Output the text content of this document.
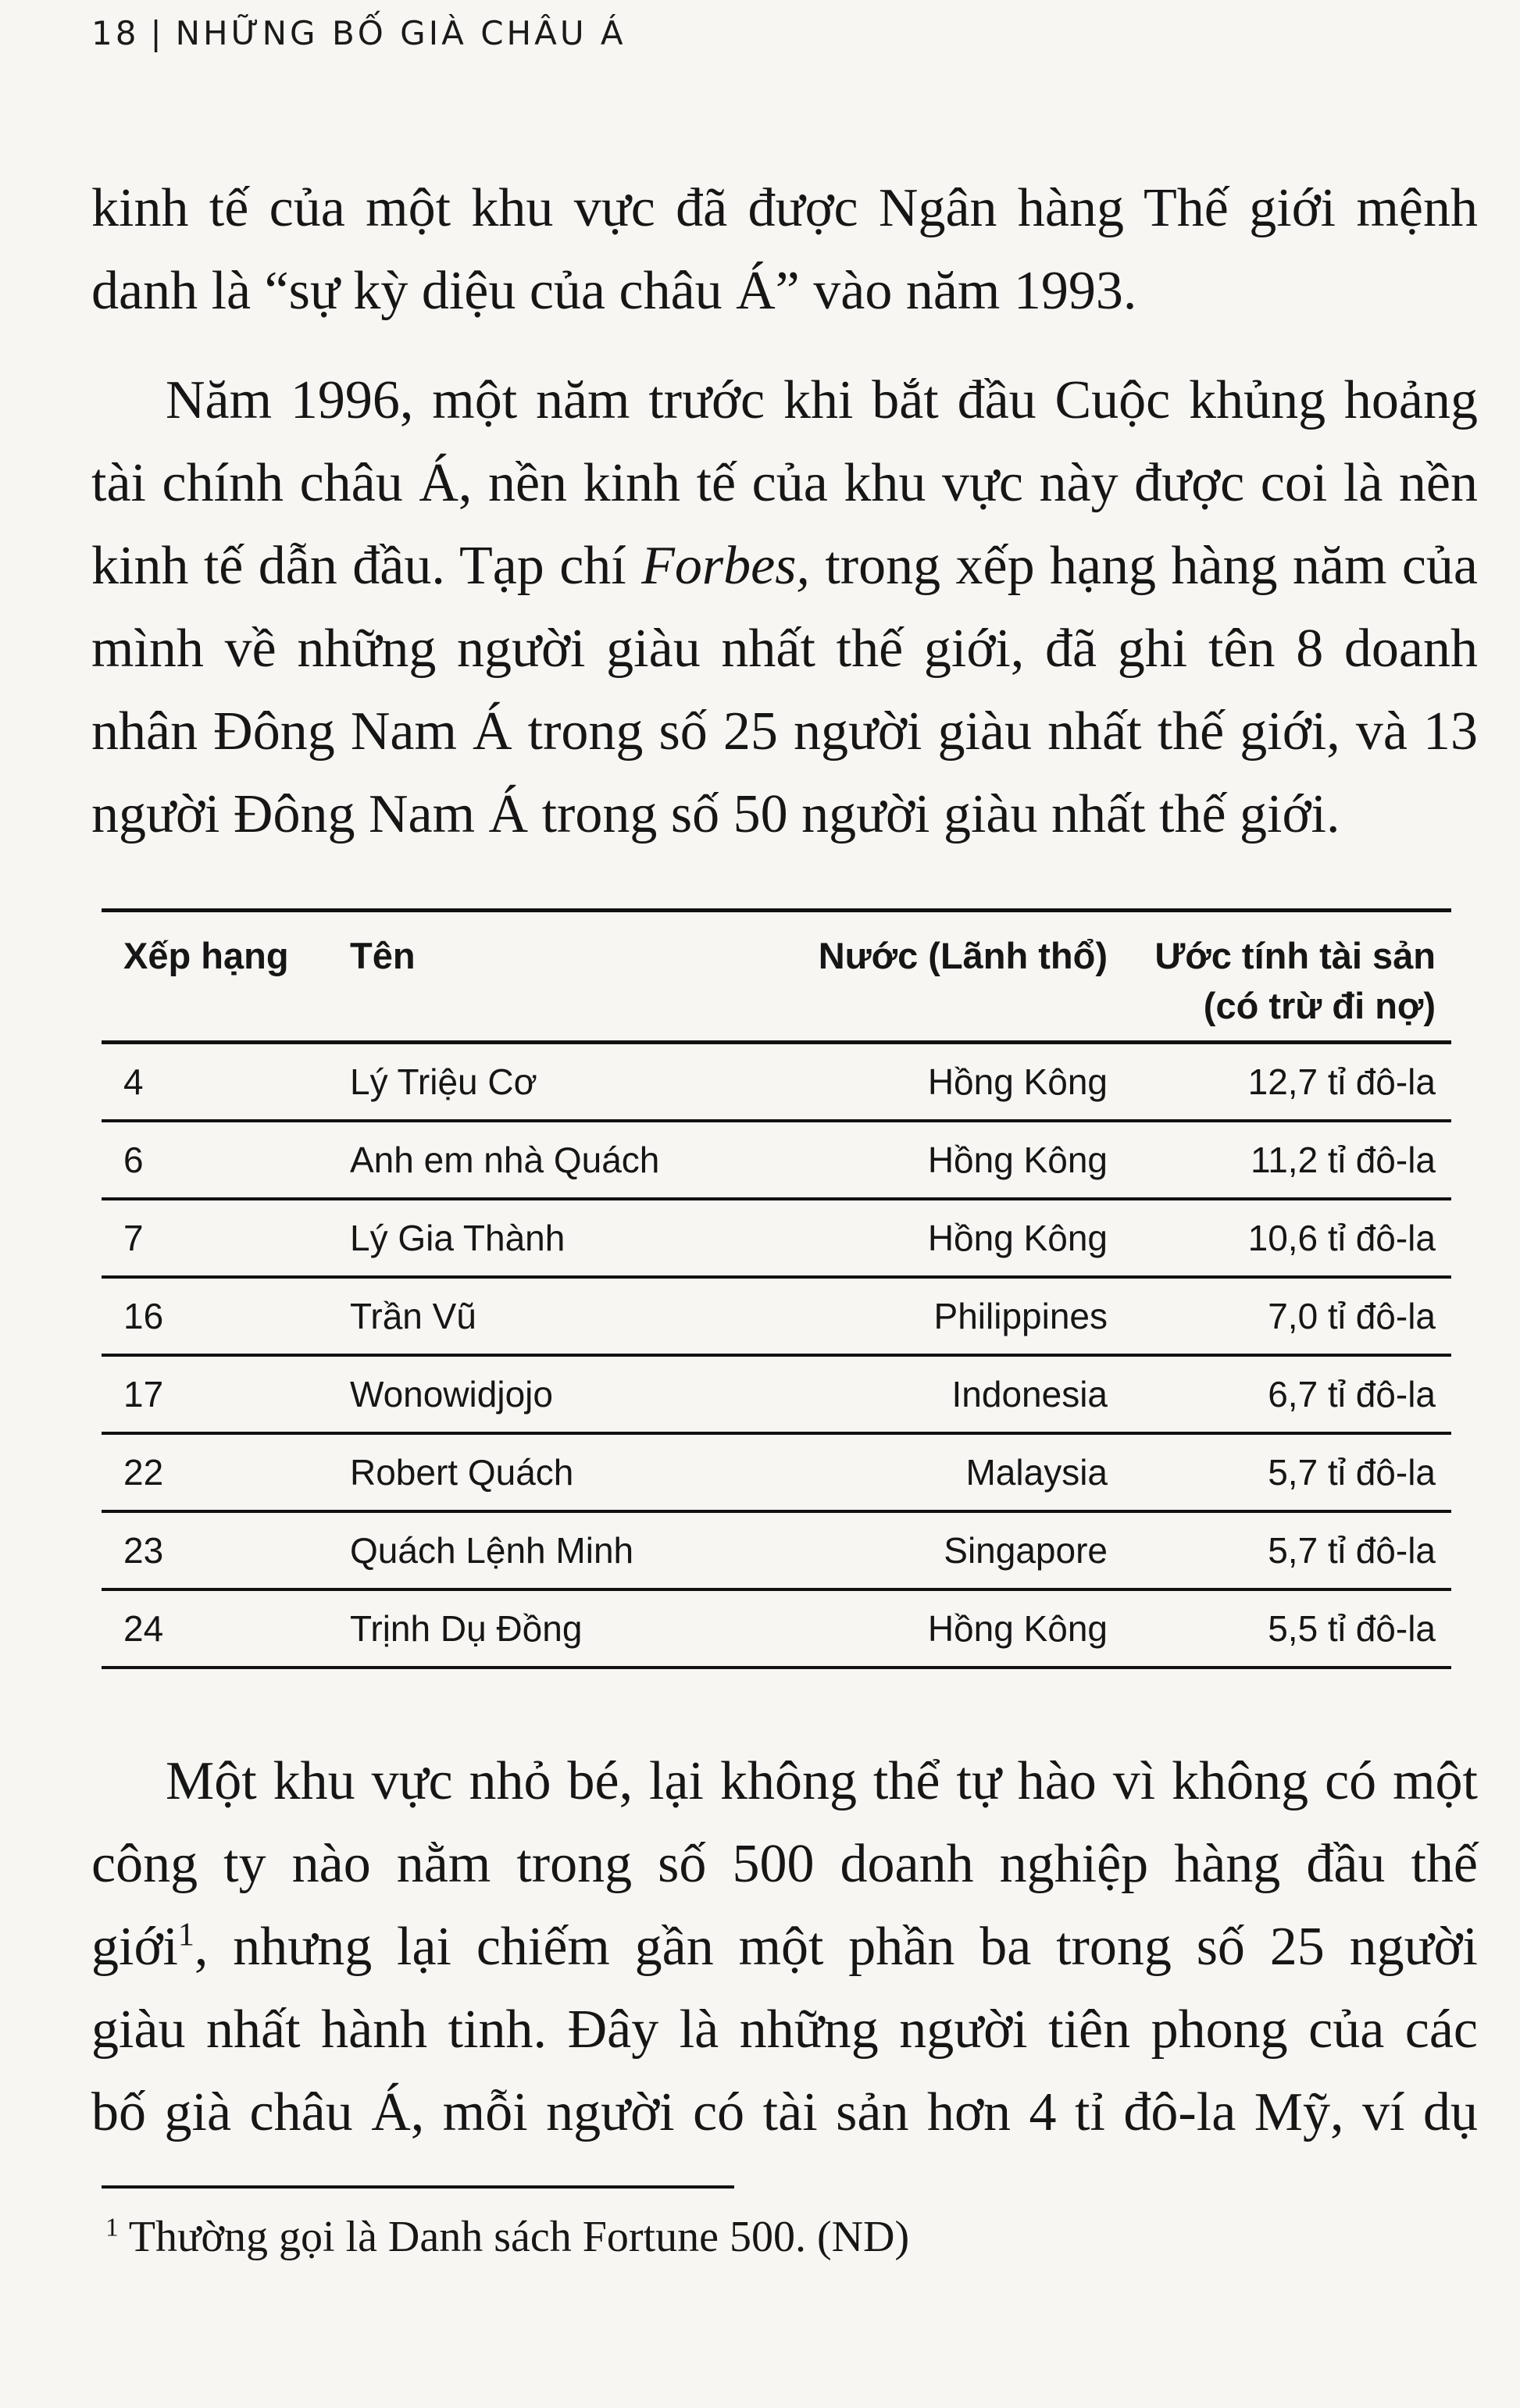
18 | NHỮNG BỐ GIÀ CHÂU Á
kinh tế của một khu vực đã được Ngân hàng Thế giới mệnh
danh là “sự kỳ diệu của châu Á” vào năm 1993.
Năm 1996, một năm trước khi bắt đầu Cuộc khủng hoảng
tài chính châu Á, nền kinh tế của khu vực này được coi là nền
kinh tế dẫn đầu. Tạp chí Forbes, trong xếp hạng hàng năm của
mình về những người giàu nhất thế giới, đã ghi tên 8 doanh
nhân Đông Nam Á trong số 25 người giàu nhất thế giới, và 13
người Đông Nam Á trong số 50 người giàu nhất thế giới.
Xếp hạng	Tên	Nước (Lãnh thổ)	Ước tính tài sản
(có trừ đi nợ)

4	Lý Triệu Cơ	Hồng Kông	12,7 tỉ đô-la
6	Anh em nhà Quách	Hồng Kông	11,2 tỉ đô-la
7	Lý Gia Thành	Hồng Kông	10,6 tỉ đô-la
16	Trần Vũ	Philippines	7,0 tỉ đô-la
17	Wonowidjojo	Indonesia	6,7 tỉ đô-la
22	Robert Quách	Malaysia	5,7 tỉ đô-la
23	Quách Lệnh Minh	Singapore	5,7 tỉ đô-la
24	Trịnh Dụ Đồng	Hồng Kông	5,5 tỉ đô-la
Một khu vực nhỏ bé, lại không thể tự hào vì không có một
công ty nào nằm trong số 500 doanh nghiệp hàng đầu thế
giới$^1$, nhưng lại chiếm gần một phần ba trong số 25 người
giàu nhất hành tinh. Đây là những người tiên phong của các
bố già châu Á, mỗi người có tài sản hơn 4 tỉ đô-la Mỹ, ví dụ
$^1$ Thường gọi là Danh sách Fortune 500. (ND)
